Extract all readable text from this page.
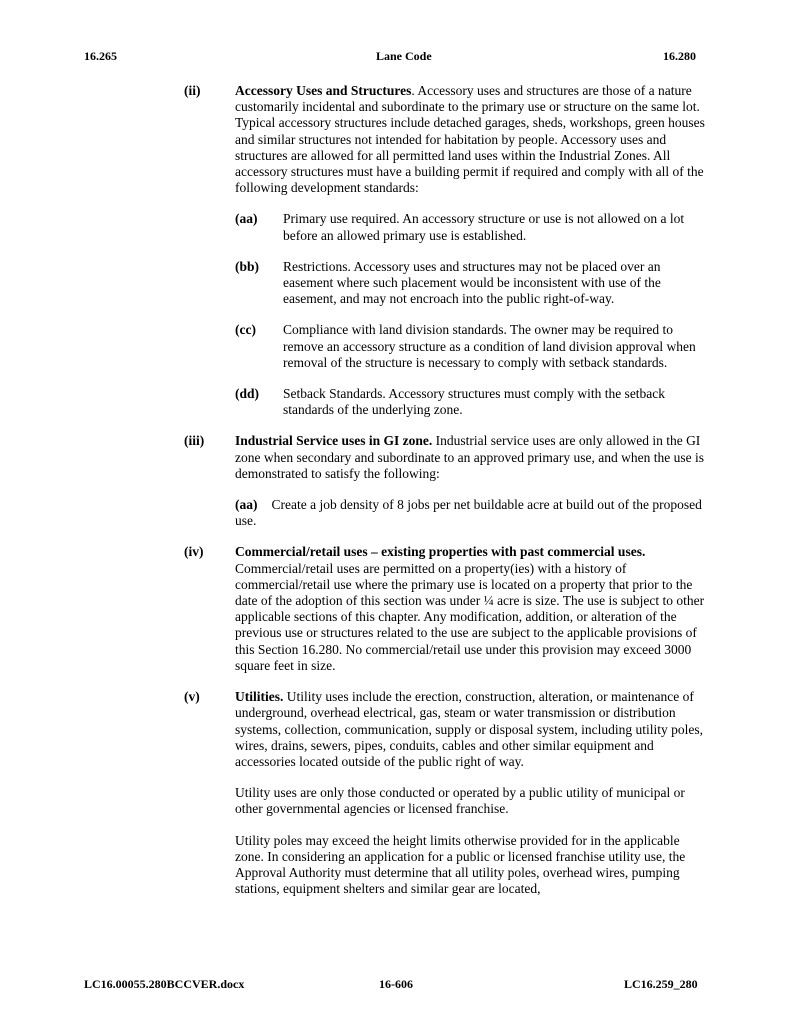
16.265	Lane Code	16.280
(ii)	Accessory Uses and Structures. Accessory uses and structures are those of a nature customarily incidental and subordinate to the primary use or structure on the same lot. Typical accessory structures include detached garages, sheds, workshops, green houses and similar structures not intended for habitation by people. Accessory uses and structures are allowed for all permitted land uses within the Industrial Zones. All accessory structures must have a building permit if required and comply with all of the following development standards:

(aa) Primary use required. An accessory structure or use is not allowed on a lot before an allowed primary use is established.
(bb) Restrictions. Accessory uses and structures may not be placed over an easement where such placement would be inconsistent with use of the easement, and may not encroach into the public right-of-way.
(cc) Compliance with land division standards. The owner may be required to remove an accessory structure as a condition of land division approval when removal of the structure is necessary to comply with setback standards.
(dd) Setback Standards. Accessory structures must comply with the setback standards of the underlying zone.
(iii) Industrial Service uses in GI zone. Industrial service uses are only allowed in the GI zone when secondary and subordinate to an approved primary use, and when the use is demonstrated to satisfy the following:

(aa) Create a job density of 8 jobs per net buildable acre at build out of the proposed use.
(iv) Commercial/retail uses – existing properties with past commercial uses. Commercial/retail uses are permitted on a property(ies) with a history of commercial/retail use where the primary use is located on a property that prior to the date of the adoption of this section was under ¼ acre is size. The use is subject to other applicable sections of this chapter. Any modification, addition, or alteration of the previous use or structures related to the use are subject to the applicable provisions of this Section 16.280. No commercial/retail use under this provision may exceed 3000 square feet in size.

(v)	Utilities. Utility uses include the erection, construction, alteration, or maintenance of underground, overhead electrical, gas, steam or water transmission or distribution systems, collection, communication, supply or disposal system, including utility poles, wires, drains, sewers, pipes, conduits, cables and other similar equipment and accessories located outside of the public right of way.

Utility uses are only those conducted or operated by a public utility of municipal or other governmental agencies or licensed franchise.

Utility poles may exceed the height limits otherwise provided for in the applicable zone. In considering an application for a public or licensed franchise utility use, the Approval Authority must determine that all utility poles, overhead wires, pumping stations, equipment shelters and similar gear are located,

LC16.00055.280BCCVER.docx	16-606	LC16.259_280
